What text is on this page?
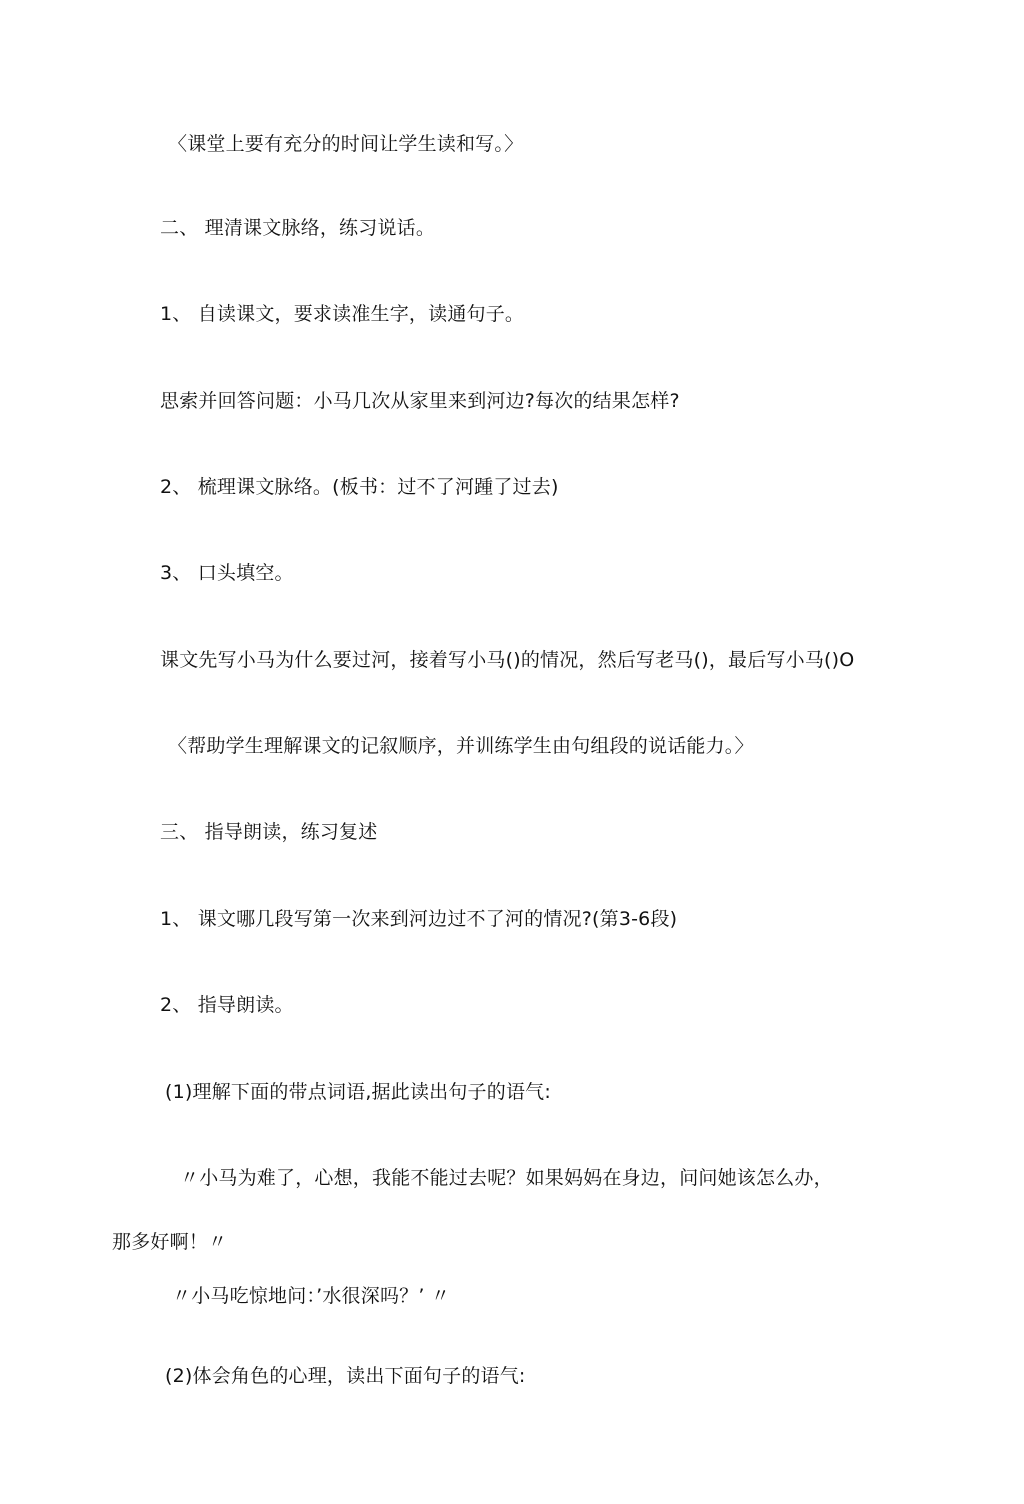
〈课堂上要有充分的时间让学生读和写。〉
二、 理清课文脉络，练习说话。
1、 自读课文，要求读准生字，读通句子。
思索并回答问题：小马几次从家里来到河边?每次的结果怎样?
2、 梳理课文脉络。(板书：过不了河踵了过去)
3、 口头填空。
课文先写小马为什么要过河，接着写小马()的情况，然后写老马()，最后写小马()O
〈帮助学生理解课文的记叙顺序，并训练学生由句组段的说话能力。〉
三、 指导朗读，练习复述
1、 课文哪几段写第一次来到河边过不了河的情况?(第3-6段)
2、 指导朗读。
(1)理解下面的带点词语,据此读出句子的语气:
〃小马为难了，心想，我能不能过去呢？如果妈妈在身边，问问她该怎么办，
那多好啊！〃
〃小马吃惊地问：’水很深吗？’ 〃
(2)体会角色的心理，读出下面句子的语气:
